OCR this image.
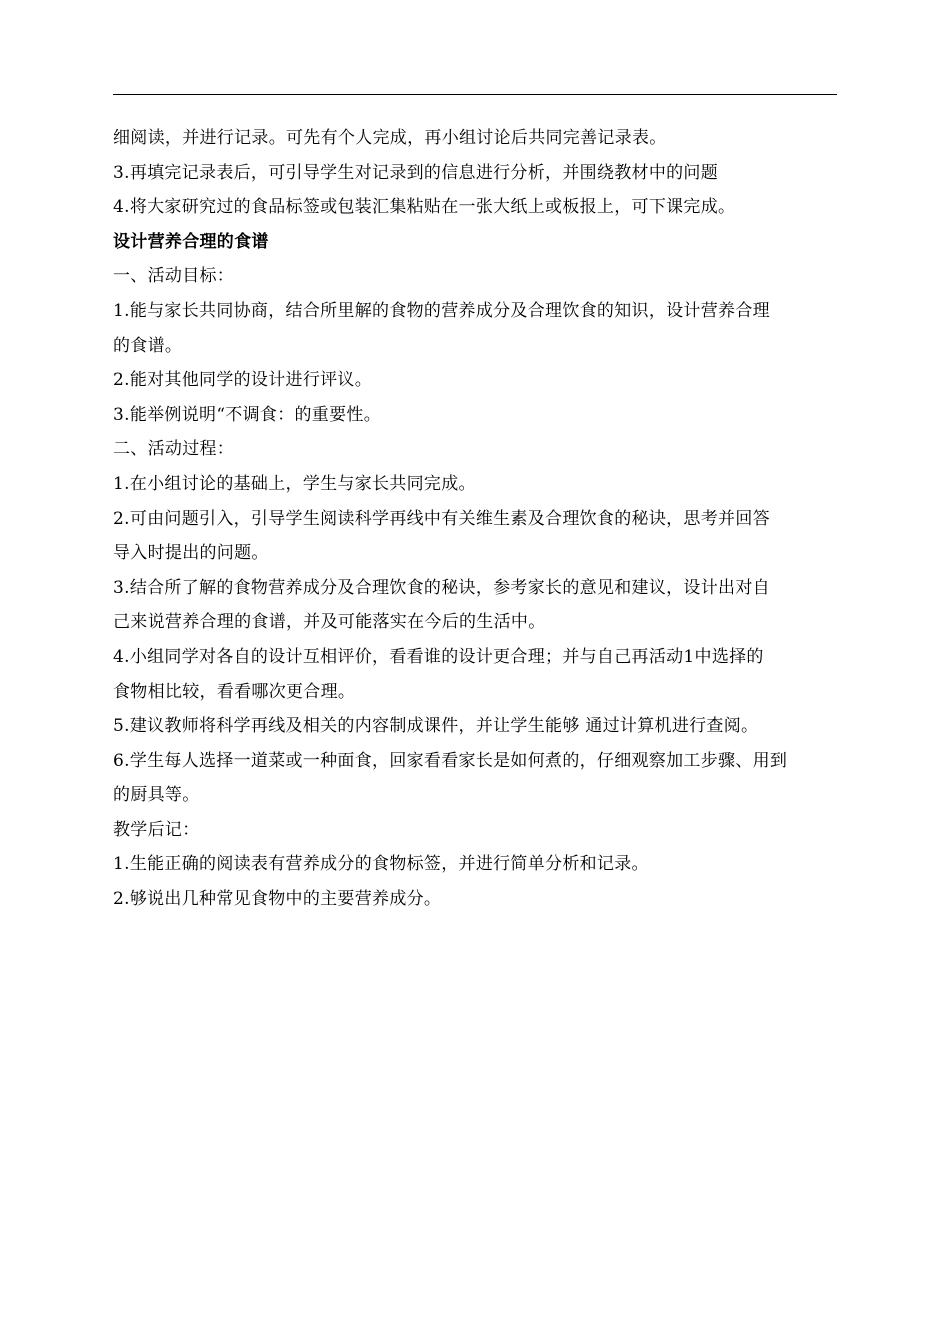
细阅读，并进行记录。可先有个人完成，再小组讨论后共同完善记录表。
3.再填完记录表后，可引导学生对记录到的信息进行分析，并围绕教材中的问题
4.将大家研究过的食品标签或包装汇集粘贴在一张大纸上或板报上，可下课完成。
设计营养合理的食谱
一、活动目标：
1.能与家长共同协商，结合所里解的食物的营养成分及合理饮食的知识，设计营养合理
的食谱。
2.能对其他同学的设计进行评议。
3.能举例说明“不调食：的重要性。
二、活动过程：
1.在小组讨论的基础上，学生与家长共同完成。
2.可由问题引入，引导学生阅读科学再线中有关维生素及合理饮食的秘诀，思考并回答
导入时提出的问题。
3.结合所了解的食物营养成分及合理饮食的秘诀，参考家长的意见和建议，设计出对自
己来说营养合理的食谱，并及可能落实在今后的生活中。
4.小组同学对各自的设计互相评价，看看谁的设计更合理；并与自己再活动1中选择的
食物相比较，看看哪次更合理。
5.建议教师将科学再线及相关的内容制成课件，并让学生能够 通过计算机进行查阅。
6.学生每人选择一道菜或一种面食，回家看看家长是如何煮的，仔细观察加工步骤、用到
的厨具等。
教学后记：
1.生能正确的阅读表有营养成分的食物标签，并进行简单分析和记录。
2.够说出几种常见食物中的主要营养成分。
